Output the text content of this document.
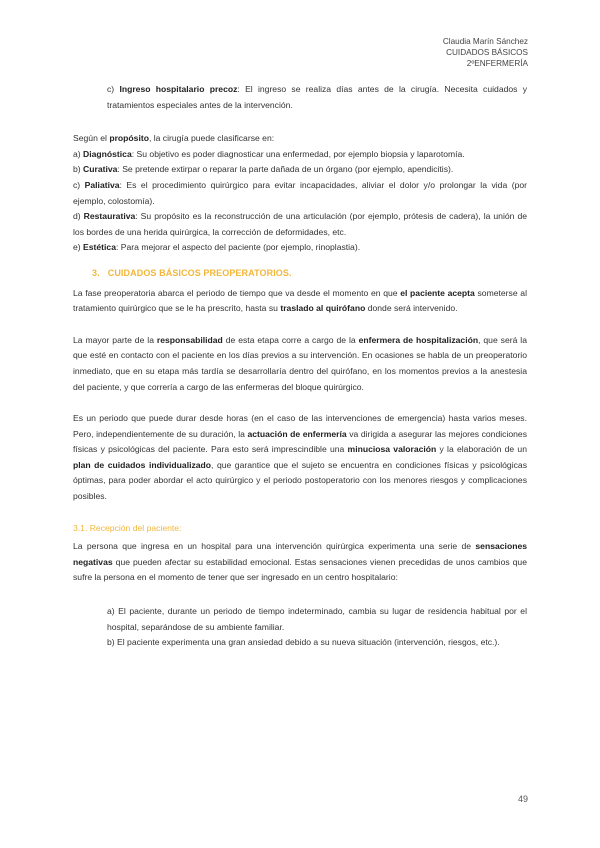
Claudia Marín Sánchez
CUIDADOS BÁSICOS
2ºENFERMERÍA

c) Ingreso hospitalario precoz: El ingreso se realiza días antes de la cirugía. Necesita cuidados y tratamientos especiales antes de la intervención.

Según el propósito, la cirugía puede clasificarse en:

a) Diagnóstica: Su objetivo es poder diagnosticar una enfermedad, por ejemplo biopsia y laparotomía.

b) Curativa: Se pretende extirpar o reparar la parte dañada de un órgano (por ejemplo, apendicitis).

c) Paliativa: Es el procedimiento quirúrgico para evitar incapacidades, aliviar el dolor y/o prolongar la vida (por ejemplo, colostomía).

d) Restaurativa: Su propósito es la reconstrucción de una articulación (por ejemplo, prótesis de cadera), la unión de los bordes de una herida quirúrgica, la corrección de deformidades, etc.

e) Estética: Para mejorar el aspecto del paciente (por ejemplo, rinoplastia).

3. CUIDADOS BÁSICOS PREOPERATORIOS.

La fase preoperatoria abarca el periodo de tiempo que va desde el momento en que el paciente acepta someterse al tratamiento quirúrgico que se le ha prescrito, hasta su traslado al quirófano donde será intervenido.

La mayor parte de la responsabilidad de esta etapa corre a cargo de la enfermera de hospitalización, que será la que esté en contacto con el paciente en los días previos a su intervención. En ocasiones se habla de un preoperatorio inmediato, que en su etapa más tardía se desarrollaría dentro del quirófano, en los momentos previos a la anestesia del paciente, y que correría a cargo de las enfermeras del bloque quirúrgico.

Es un periodo que puede durar desde horas (en el caso de las intervenciones de emergencia) hasta varios meses. Pero, independientemente de su duración, la actuación de enfermería va dirigida a asegurar las mejores condiciones físicas y psicológicas del paciente. Para esto será imprescindible una minuciosa valoración y la elaboración de un plan de cuidados individualizado, que garantice que el sujeto se encuentra en condiciones físicas y psicológicas óptimas, para poder abordar el acto quirúrgico y el periodo postoperatorio con los menores riesgos y complicaciones posibles.

3.1. Recepción del paciente:

La persona que ingresa en un hospital para una intervención quirúrgica experimenta una serie de sensaciones negativas que pueden afectar su estabilidad emocional. Estas sensaciones vienen precedidas de unos cambios que sufre la persona en el momento de tener que ser ingresado en un centro hospitalario:

a) El paciente, durante un periodo de tiempo indeterminado, cambia su lugar de residencia habitual por el hospital, separándose de su ambiente familiar.

b) El paciente experimenta una gran ansiedad debido a su nueva situación (intervención, riesgos, etc.).

49
